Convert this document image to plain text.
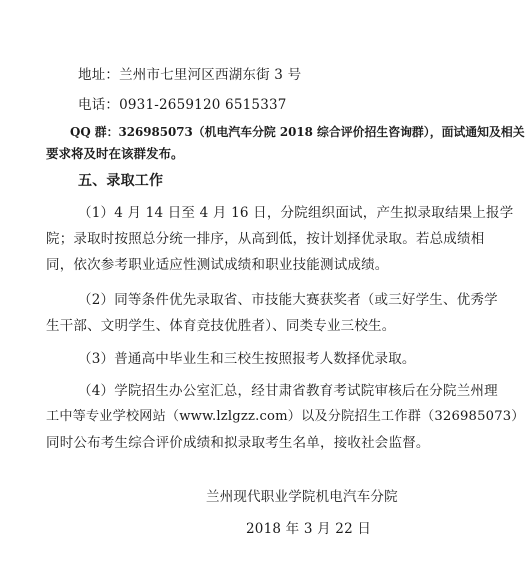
地址：兰州市七里河区西湖东街 3 号
电话：0931-2659120 6515337
QQ 群：326985073（机电汽车分院 2018 综合评价招生咨询群），面试通知及相关
要求将及时在该群发布。
五、录取工作
（1）4 月 14 日至 4 月 16 日，分院组织面试，产生拟录取结果上报学
院；录取时按照总分统一排序，从高到低，按计划择优录取。若总成绩相
同，依次参考职业适应性测试成绩和职业技能测试成绩。
（2）同等条件优先录取省、市技能大赛获奖者（或三好学生、优秀学
生干部、文明学生、体育竞技优胜者）、同类专业三校生。
（3）普通高中毕业生和三校生按照报考人数择优录取。
（4）学院招生办公室汇总，经甘肃省教育考试院审核后在分院兰州理
工中等专业学校网站（www.lzlgzz.com）以及分院招生工作群（326985073）
同时公布考生综合评价成绩和拟录取考生名单，接收社会监督。
兰州现代职业学院机电汽车分院
2018 年 3 月 22 日
